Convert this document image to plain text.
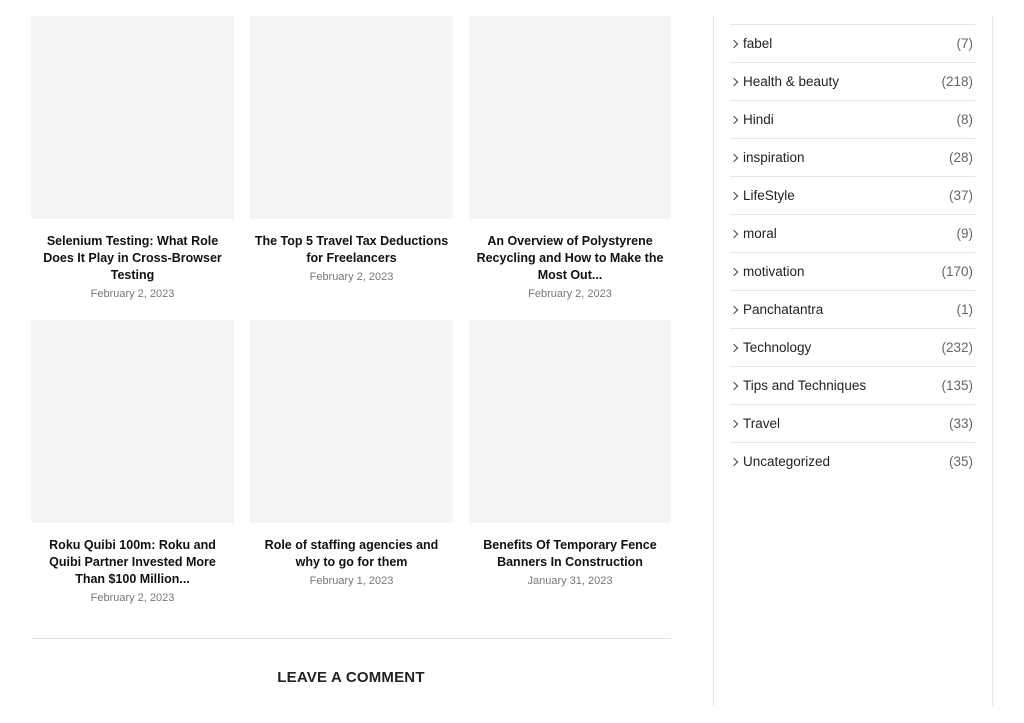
Selenium Testing: What Role Does It Play in Cross-Browser Testing
February 2, 2023
The Top 5 Travel Tax Deductions for Freelancers
February 2, 2023
An Overview of Polystyrene Recycling and How to Make the Most Out...
February 2, 2023
Roku Quibi 100m: Roku and Quibi Partner Invested More Than $100 Million...
February 2, 2023
Role of staffing agencies and why to go for them
February 1, 2023
Benefits Of Temporary Fence Banners In Construction
January 31, 2023
LEAVE A COMMENT
fabel	(7)
Health & beauty	(218)
Hindi	(8)
inspiration	(28)
LifeStyle	(37)
moral	(9)
motivation	(170)
Panchatantra	(1)
Technology	(232)
Tips and Techniques	(135)
Travel	(33)
Uncategorized	(35)
